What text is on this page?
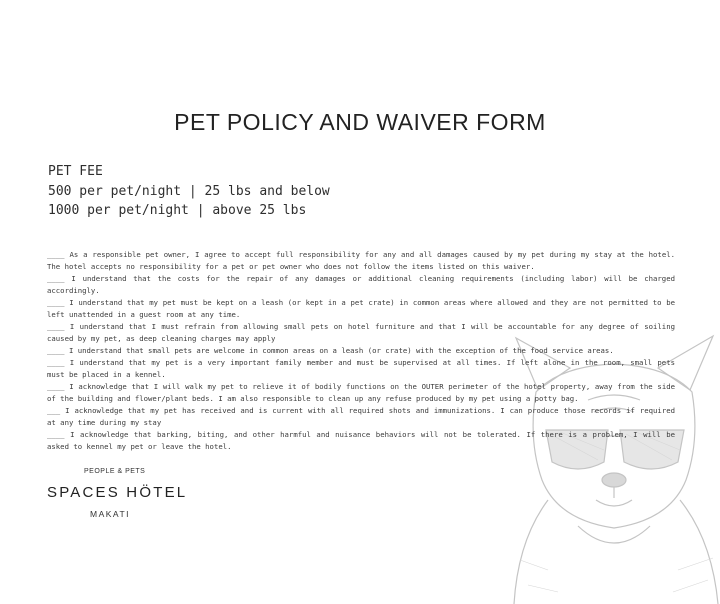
PET POLICY AND WAIVER FORM
PET FEE
500 per pet/night | 25 lbs and below
1000 per pet/night | above 25 lbs

____ As a responsible pet owner, I agree to accept full responsibility for any and all damages caused by my pet during my stay at the hotel. The hotel accepts no responsibility for a pet or pet owner who does not follow the items listed on this waiver.

____ I understand that the costs for the repair of any damages or additional cleaning requirements (including labor) will be charged accordingly.

____ I understand that my pet must be kept on a leash (or kept in a pet crate) in common areas where allowed and they are not permitted to be left unattended in a guest room at any time.

____ I understand that I must refrain from allowing small pets on hotel furniture and that I will be accountable for any degree of soiling caused by my pet, as deep cleaning charges may apply

____ I understand that small pets are welcome in common areas on a leash (or crate) with the exception of the food service areas.

____ I understand that my pet is a very important family member and must be supervised at all times. If left alone in the room, small pets must be placed in a kennel.

____ I acknowledge that I will walk my pet to relieve it of bodily functions on the OUTER perimeter of the hotel property, away from the side of the building and flower/plant beds. I am also responsible to clean up any refuse produced by my pet using a potty bag.

___ I acknowledge that my pet has received and is current with all required shots and immunizations. I can produce those records if required at any time during my stay

____ I acknowledge that barking, biting, and other harmful and nuisance behaviors will not be tolerated. If there is a problem, I will be asked to kennel my pet or leave the hotel.

PEOPLE & PETS
SPACES HÖTEL
MAKATI
